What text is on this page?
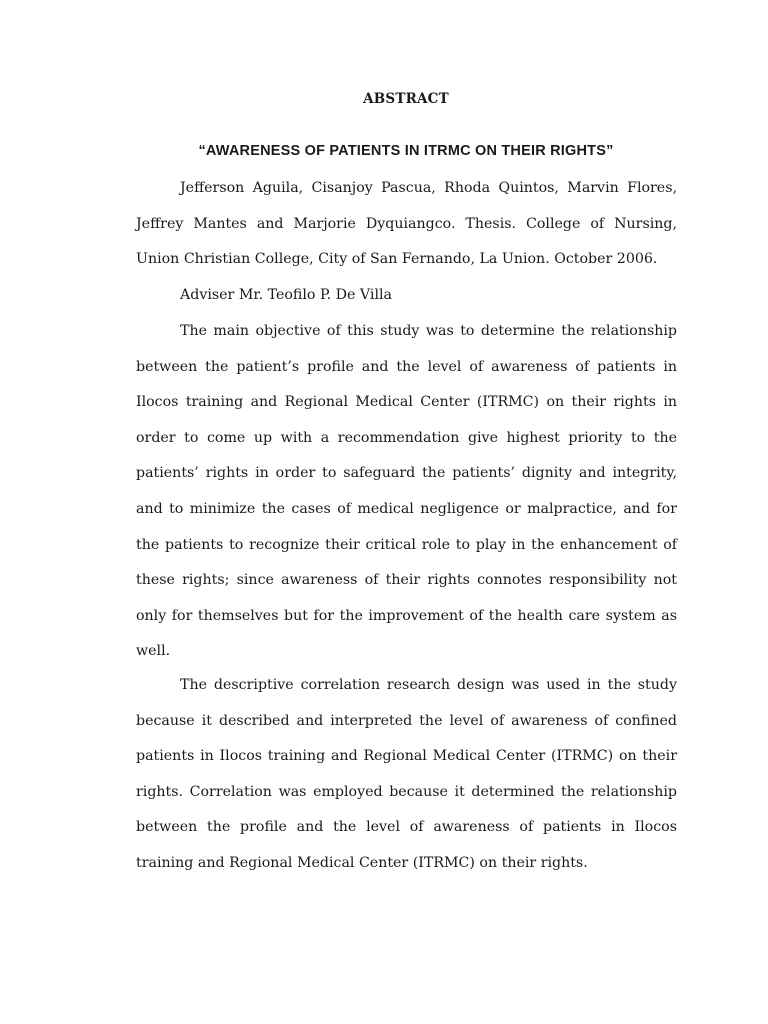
ABSTRACT
“AWARENESS OF PATIENTS IN ITRMC ON THEIR RIGHTS”

Jefferson Aguila, Cisanjoy Pascua, Rhoda Quintos, Marvin Flores, Jeffrey Mantes and Marjorie Dyquiangco. Thesis. College of Nursing, Union Christian College, City of San Fernando, La Union. October 2006.

Adviser Mr. Teofilo P. De Villa

The main objective of this study was to determine the relationship between the patient’s profile and the level of awareness of patients in Ilocos training and Regional Medical Center (ITRMC) on their rights in order to come up with a recommendation give highest priority to the patients’ rights in order to safeguard the patients’ dignity and integrity, and to minimize the cases of medical negligence or malpractice, and for the patients to recognize their critical role to play in the enhancement of these rights; since awareness of their rights connotes responsibility not only for themselves but for the improvement of the health care system as well.

The descriptive correlation research design was used in the study because it described and interpreted the level of awareness of confined patients in Ilocos training and Regional Medical Center (ITRMC) on their rights. Correlation was employed because it determined the relationship between the profile and the level of awareness of patients in Ilocos training and Regional Medical Center (ITRMC) on their rights.
